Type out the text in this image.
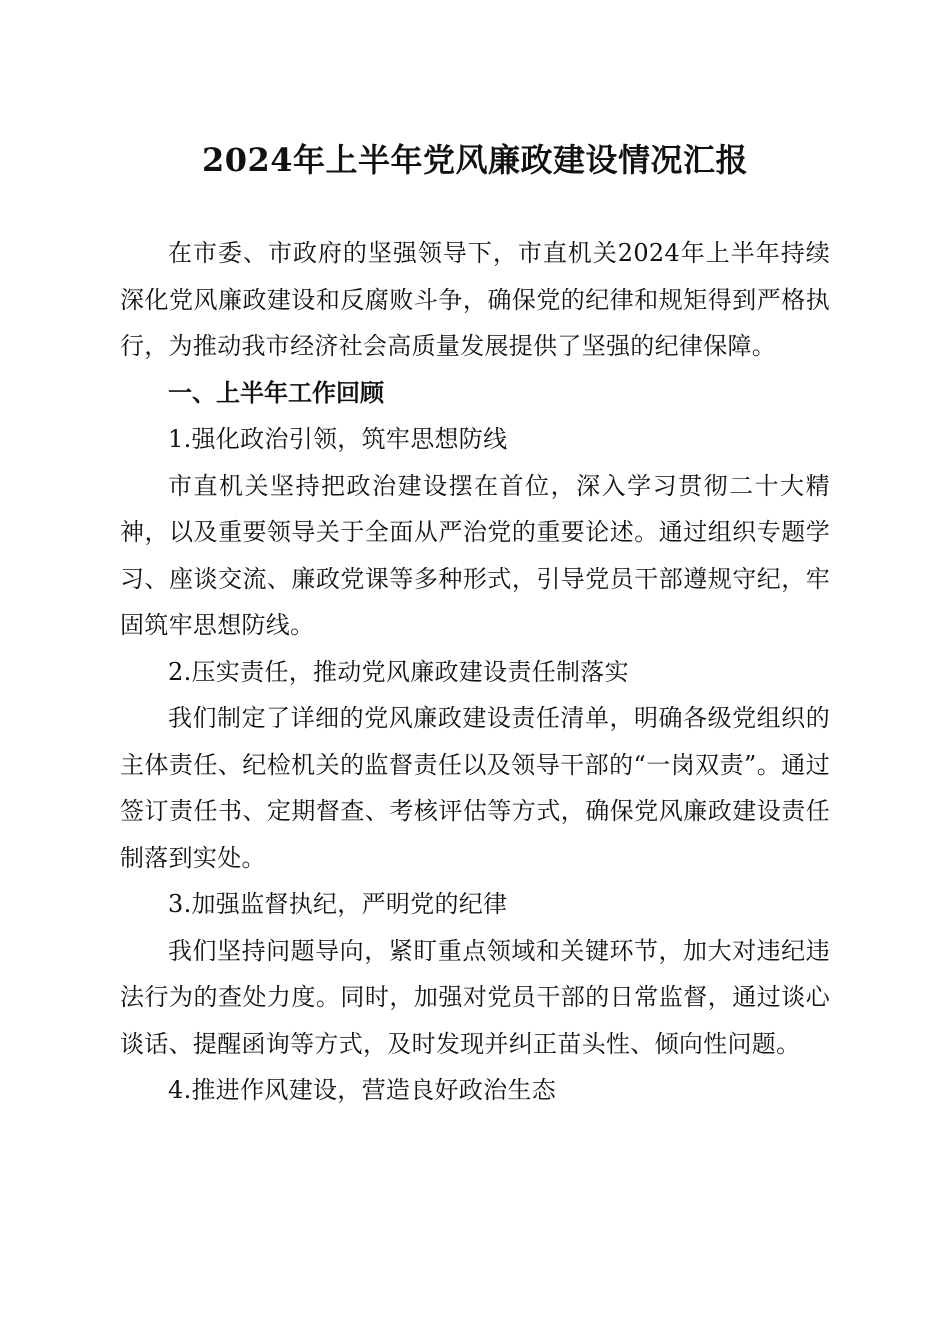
2024年上半年党风廉政建设情况汇报

在市委、市政府的坚强领导下，市直机关2024年上半年持续深化党风廉政建设和反腐败斗争，确保党的纪律和规矩得到严格执行，为推动我市经济社会高质量发展提供了坚强的纪律保障。

一、上半年工作回顾

1.强化政治引领，筑牢思想防线

市直机关坚持把政治建设摆在首位，深入学习贯彻二十大精神，以及重要领导关于全面从严治党的重要论述。通过组织专题学习、座谈交流、廉政党课等多种形式，引导党员干部遵规守纪，牢固筑牢思想防线。

2.压实责任，推动党风廉政建设责任制落实

我们制定了详细的党风廉政建设责任清单，明确各级党组织的主体责任、纪检机关的监督责任以及领导干部的“一岗双责”。通过签订责任书、定期督查、考核评估等方式，确保党风廉政建设责任制落到实处。

3.加强监督执纪，严明党的纪律

我们坚持问题导向，紧盯重点领域和关键环节，加大对违纪违法行为的查处力度。同时，加强对党员干部的日常监督，通过谈心谈话、提醒函询等方式，及时发现并纠正苗头性、倾向性问题。

4.推进作风建设，营造良好政治生态
